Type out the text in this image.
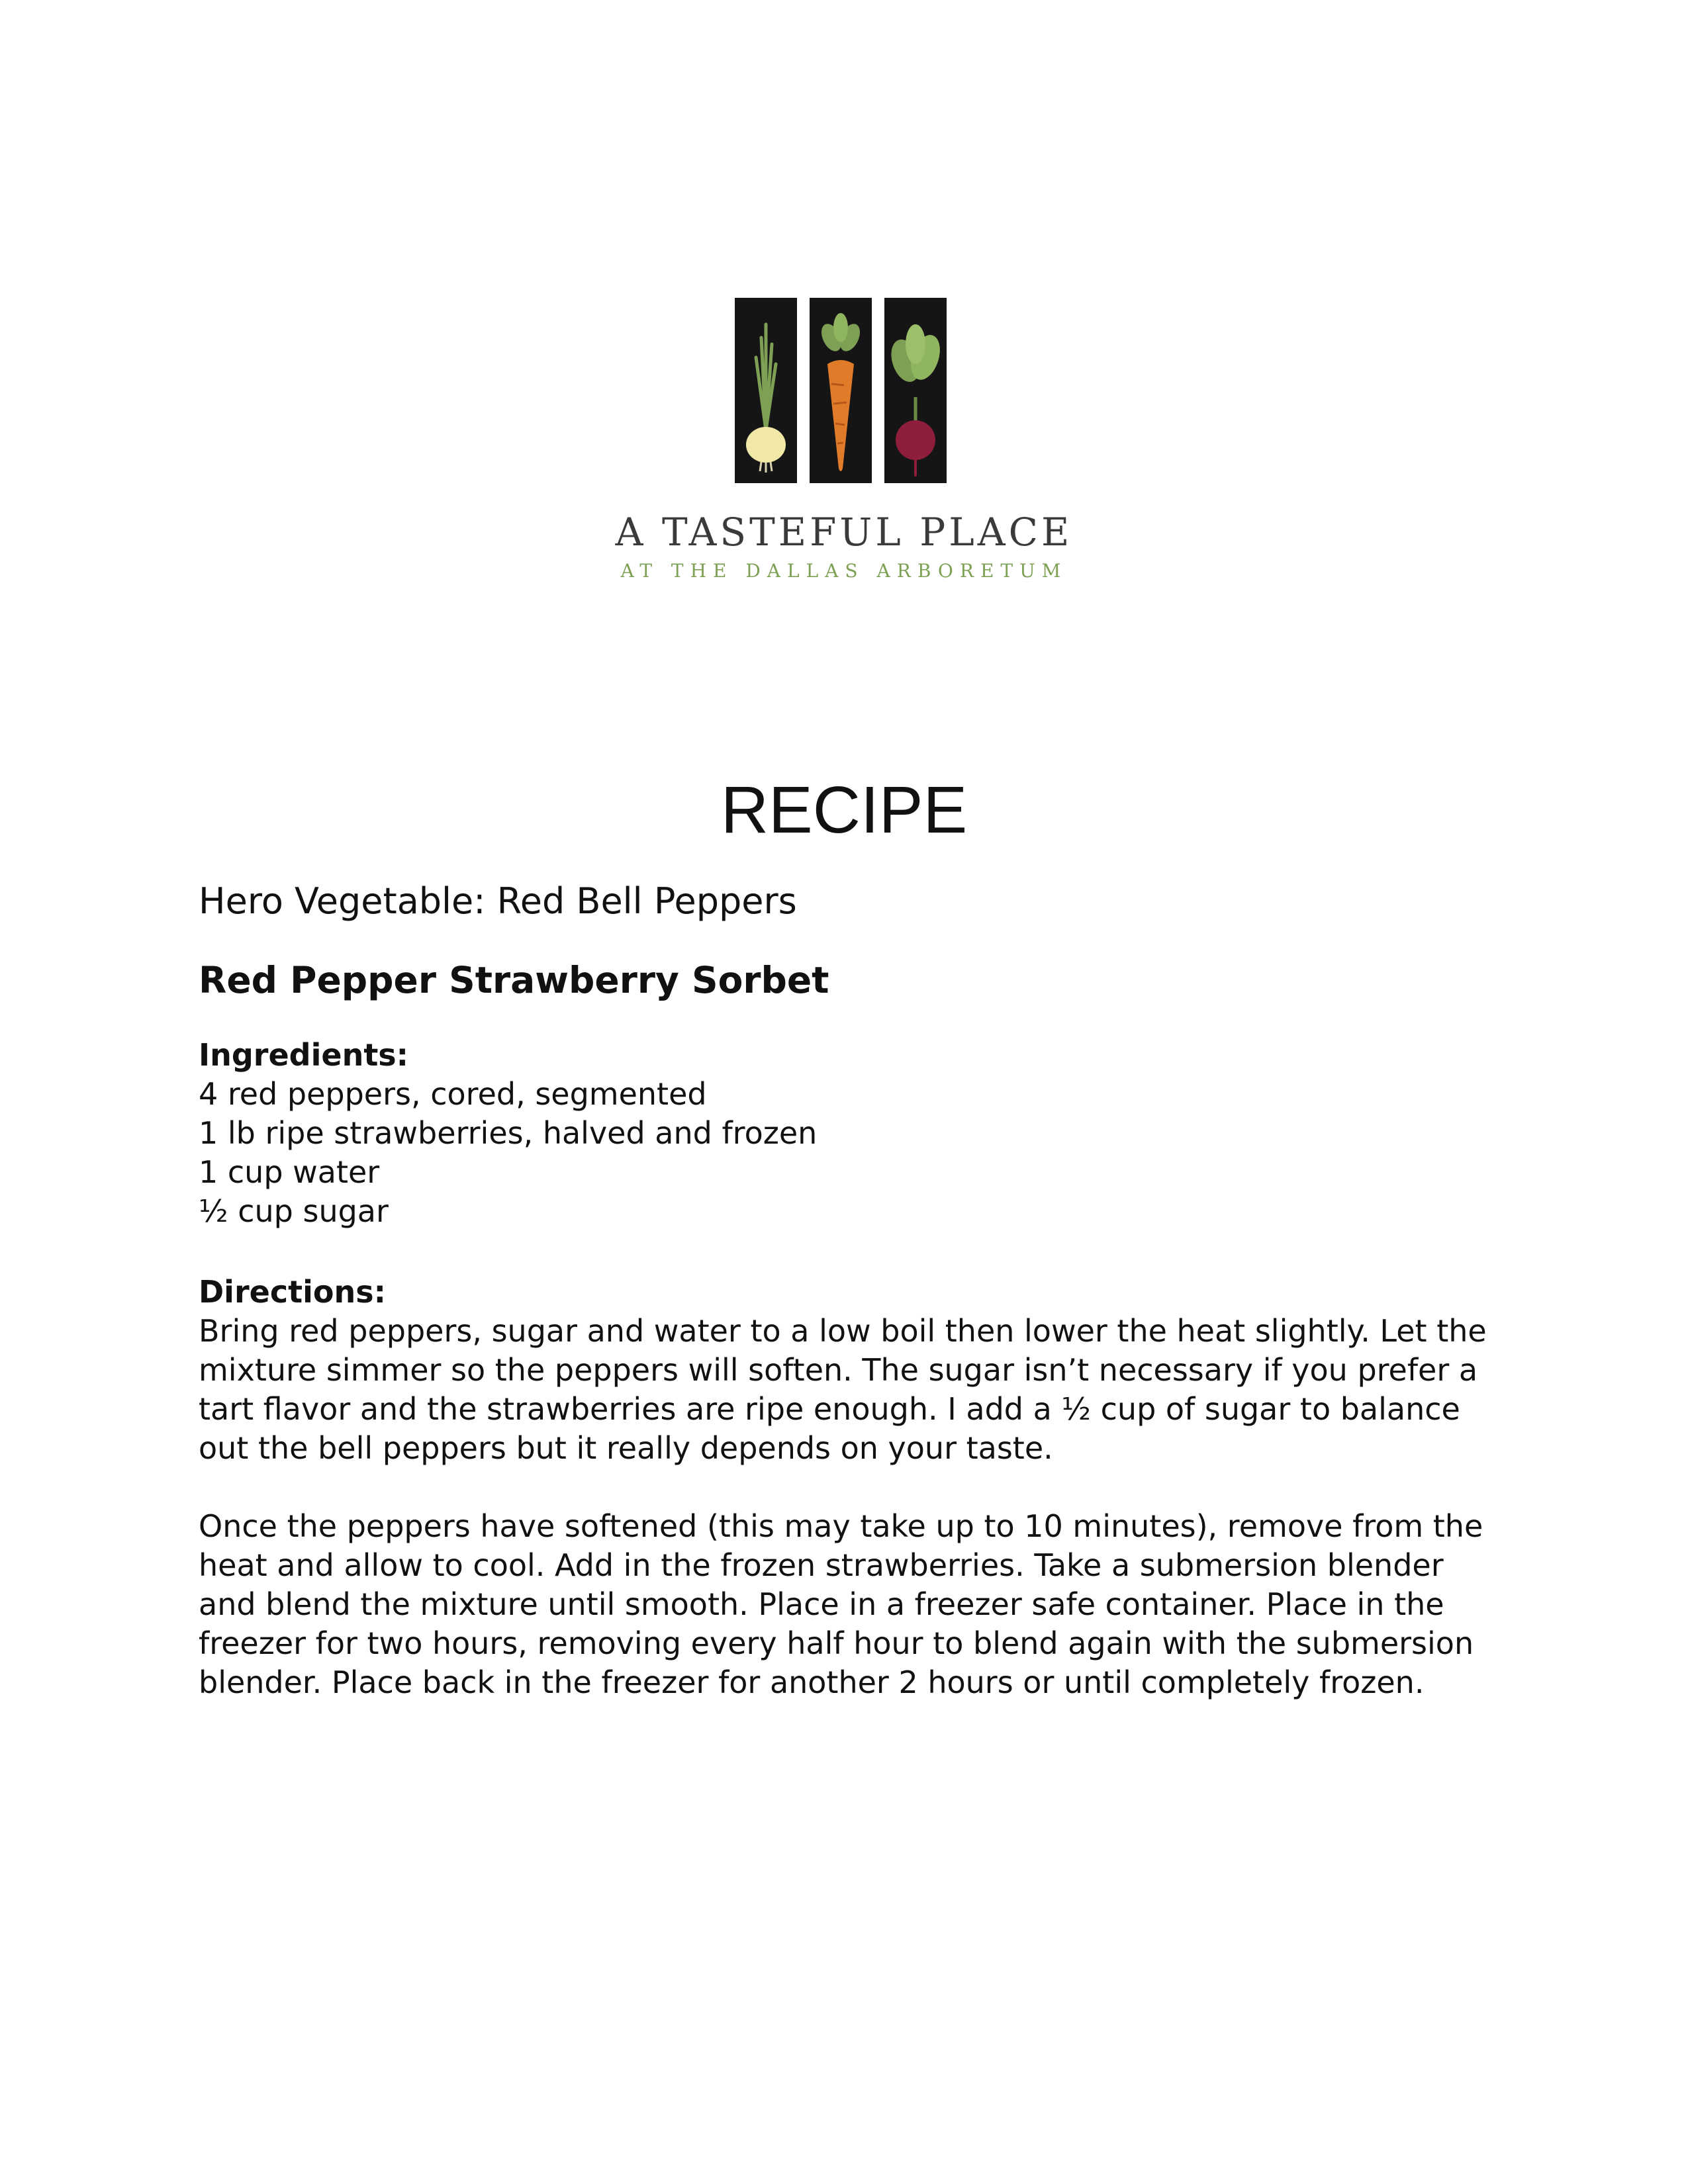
A TASTEFUL PLACE
AT THE DALLAS ARBORETUM
RECIPE
Hero Vegetable: Red Bell Peppers
Red Pepper Strawberry Sorbet
Ingredients:
4 red peppers, cored, segmented
1 lb ripe strawberries, halved and frozen
1 cup water
½ cup sugar
Directions:

Bring red peppers, sugar and water to a low boil then lower the heat slightly. Let the mixture simmer so the peppers will soften. The sugar isn’t necessary if you prefer a tart flavor and the strawberries are ripe enough. I add a ½ cup of sugar to balance out the bell peppers but it really depends on your taste.

Once the peppers have softened (this may take up to 10 minutes), remove from the heat and allow to cool. Add in the frozen strawberries. Take a submersion blender and blend the mixture until smooth. Place in a freezer safe container. Place in the freezer for two hours, removing every half hour to blend again with the submersion blender. Place back in the freezer for another 2 hours or until completely frozen.
